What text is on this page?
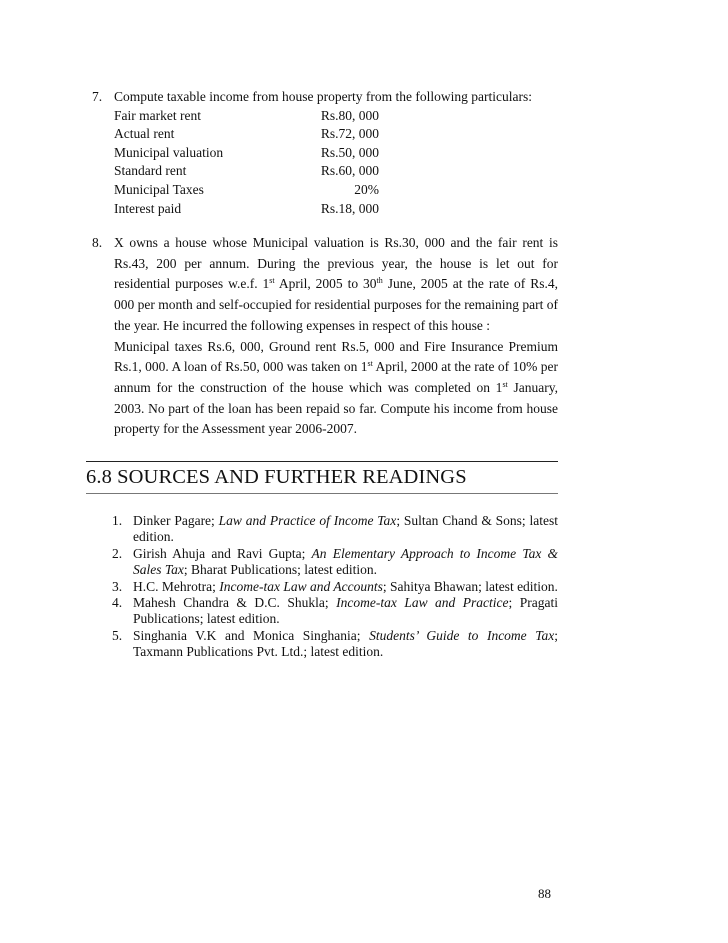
7. Compute taxable income from house property from the following particulars:
Fair market rent	Rs.80, 000
Actual rent	Rs.72, 000
Municipal valuation	Rs.50, 000
Standard rent	Rs.60, 000
Municipal Taxes	20%
Interest paid	Rs.18, 000
8. X owns a house whose Municipal valuation is Rs.30, 000 and the fair rent is Rs.43, 200 per annum. During the previous year, the house is let out for residential purposes w.e.f. 1st April, 2005 to 30th June, 2005 at the rate of Rs.4, 000 per month and self-occupied for residential purposes for the remaining part of the year. He incurred the following expenses in respect of this house :
Municipal taxes Rs.6, 000, Ground rent Rs.5, 000 and Fire Insurance Premium Rs.1, 000. A loan of Rs.50, 000 was taken on 1st April, 2000 at the rate of 10% per annum for the construction of the house which was completed on 1st January, 2003. No part of the loan has been repaid so far. Compute his income from house property for the Assessment year 2006-2007.
6.8 SOURCES AND FURTHER READINGS
1. Dinker Pagare; Law and Practice of Income Tax; Sultan Chand & Sons; latest edition.
2. Girish Ahuja and Ravi Gupta; An Elementary Approach to Income Tax & Sales Tax; Bharat Publications; latest edition.
3. H.C. Mehrotra; Income-tax Law and Accounts; Sahitya Bhawan; latest edition.
4. Mahesh Chandra & D.C. Shukla; Income-tax Law and Practice; Pragati Publications; latest edition.
5. Singhania V.K and Monica Singhania; Students’ Guide to Income Tax; Taxmann Publications Pvt. Ltd.; latest edition.
88
